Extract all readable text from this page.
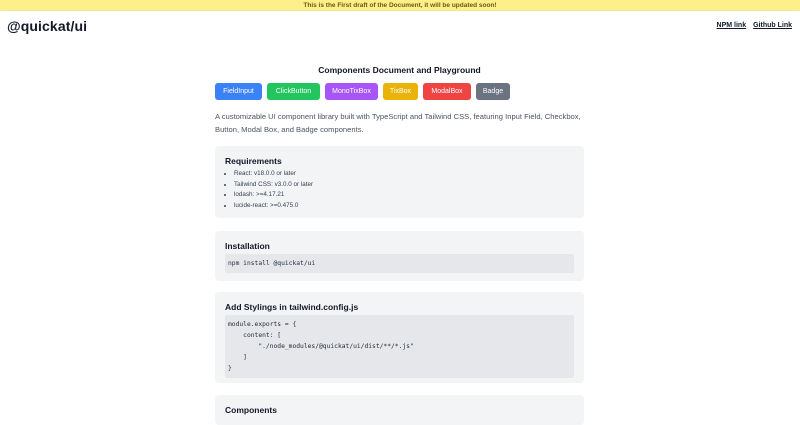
This is the First draft of the Document, it will be updated soon!
@quickat/ui	NPM link Github Link
Components Document and Playground
FieldInput	ClickButton	MonoTixBox	TixBox	ModalBox	Badge
A customizable UI component library built with TypeScript and Tailwind CSS, featuring Input Field, Checkbox, Button, Modal Box, and Badge components.
Requirements
• React: v18.0.0 or later
• Tailwind CSS: v3.0.0 or later
• lodash: >=4.17.21
• lucide-react: >=0.475.0
Installation
npm install @quickat/ui
Add Stylings in tailwind.config.js
module.exports = {
content: [
"./node_modules/@quickat/ui/dist/**/*.js"
]
}
Components
